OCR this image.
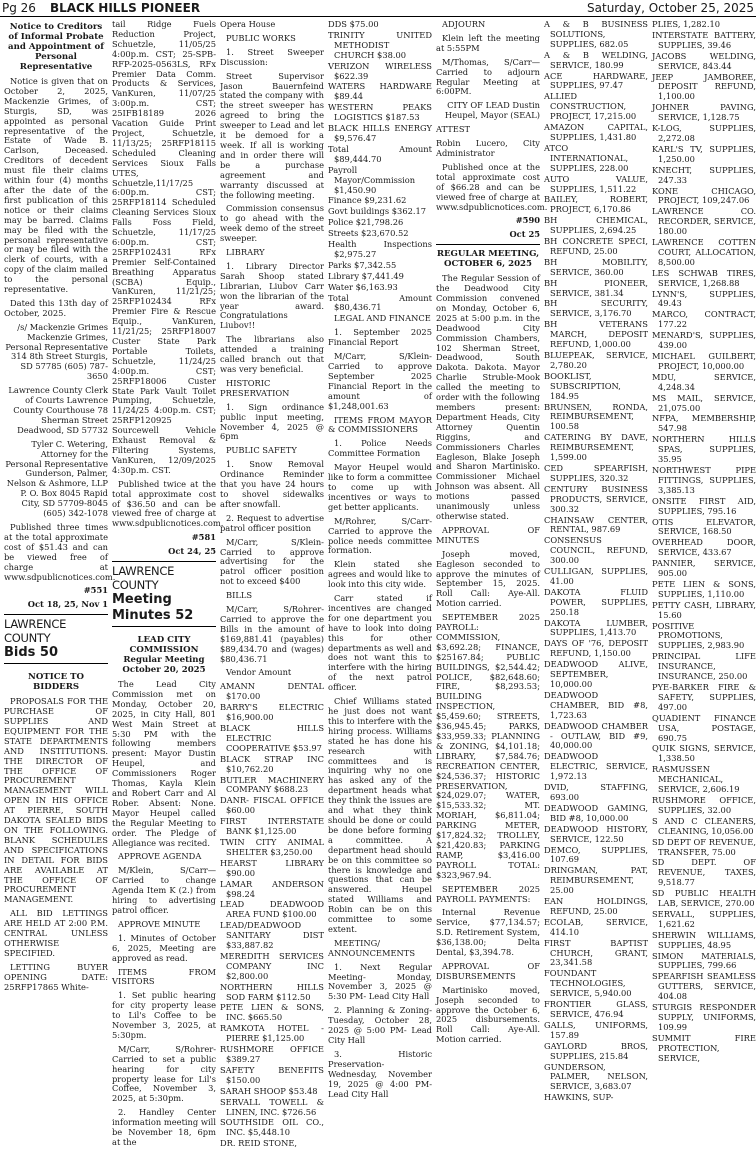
Pg 26 BLACK HILLS PIONEER	Saturday, October 25, 2025
Notice to Creditors of Informal Probate and Appointment of Personal Representative

Notice is given that on October 2, 2025, Mackenzie Grimes, of Sturgis, SD, was appointed as personal representative of the Estate of Wade B. Carlson, Deceased. Creditors of decedent must file their claims within four (4) months after the date of the first publication of this notice or their claims may be barred. Claims may be filed with the personal representative or may be filed with the clerk of courts, with a copy of the claim mailed to the personal representative.

Dated this 13th day of October, 2025.

/s/ Mackenzie Grimes Mackenzie Grimes, Personal Representative 314 8th Street Sturgis, SD 57785 (605) 787-3650

Lawrence County Clerk of Courts Lawrence County Courthouse 78 Sherman Street Deadwood, SD 57732

Tyler C. Wetering, Attorney for the Personal Representative Gunderson, Palmer, Nelson & Ashmore, LLP P. O. Box 8045 Rapid City, SD 57709-8045 (605) 342-1078

Published three times at the total approximate cost of $51.43 and can be viewed free of charge at www.sdpublicnotices.com.

#551
Oct 18, 25, Nov 1
LAWRENCE COUNTY
Bids 50
NOTICE TO BIDDERS

PROPOSALS FOR THE PURCHASE OF SUPPLIES AND EQUIPMENT FOR THE STATE DEPARTMENTS AND INSTITUTIONS. THE DIRECTOR OF THE OFFICE OF PROCUREMENT MANAGEMENT WILL OPEN IN HIS OFFICE AT PIERRE, SOUTH DAKOTA SEALED BIDS ON THE FOLLOWING. BLANK SCHEDULES AND SPECIFICATIONS IN DETAIL FOR BIDS ARE AVAILABLE AT THE OFFICE OF PROCUREMENT MANAGEMENT.

ALL BID LETTINGS ARE HELD AT 2:00 P.M. CENTRAL UNLESS OTHERWISE SPECIFIED.

LETTING BUYER OPENING DATE: 25RFP17865 White-

tail Ridge Fuels Reduction Project, Schuetzle, 11/05/25 4:00p.m. CST; 25-SPB-RFP-2025-0563LS, RFx Premier Data Comm. Products & Services, VanKuren, 11/07/25 3:00p.m. CST; 25IFB18189 2026 Vacation Guide Print Project, Schuetzle, 11/13/25; 25RFP18115 Scheduled Cleaning Services Sioux Falls UTES, Schuetzle,11/17/25 6:00p.m. CST; 25RFP18114 Scheduled Cleaning Services Sioux Falls Foss Field, Schuetzle, 11/17/25 6:00p.m. CST; 25RFP102431 RFx Premier Self-Contained Breathing Apparatus (SCBA) Equip., VanKuren, 11/21/25; 25RFP102434 RFx Premier Fire & Rescue Equip., VanKuren, 11/21/25; 25RFP18007 Custer State Park Portable Toilets, Schuetzle, 11/24/25 4:00p.m. CST; 25RFP18006 Custer State Park Vault Toilet Pumping, Schuetzle, 11/24/25 4:00p.m. CST; 25RFP120925 Sourcewell Vehicle Exhaust Removal & Filtering Systems, VanKuren, 12/09/2025 4:30p.m. CST.

Published twice at the total approximate cost of $36.50 and can be viewed free of charge at www.sdpublicnotices.com.

#581
Oct 24, 25
LAWRENCE COUNTY
Meeting Minutes 52
LEAD CITY COMMISSION Regular Meeting October 20, 2025

The Lead City Commission met on Monday, October 20, 2025, in City Hall, 801 West Main Street at 5:30 PM with the following members present: Mayor Dustin Heupel, and Commissioners Roger Thomas, Kayla Klein and Robert Carr and Al Rober. Absent: None. Mayor Heupel called the Regular Meeting to order. The Pledge of Allegiance was recited.

APPROVE AGENDA

M/Klein, S/Carr—Carried to change Agenda Item K (2.) from hiring to advertising patrol officer.

APPROVE MINUTE

1. Minutes of October 6, 2025, Meeting are approved as read.

ITEMS FROM VISITORS

1. Set public hearing for city property lease to Lil's Coffee to be November 3, 2025, at 5:30pm.

M/Carr, S/Rohrer- Carried to set a public hearing for city property lease for Lil's Coffee, November 3, 2025, at 5:30pm.

2. Handley Center information meeting will be November 18, 6pm at the

Opera House

PUBLIC WORKS

1. Street Sweeper Discussion:

Street Supervisor Jason Bauernfeind stated the company with the street sweeper has agreed to bring the sweeper to Lead and let it be demoed for a week. If all is working and in order there will be a purchase agreement and warranty discussed at the following meeting.

Commission consensus to go ahead with the week demo of the street sweeper.

LIBRARY

1. Library Director Sarah Shoop stated Librarian, Liubov Carr won the librarian of the year award. Congratulations Liubov!!

The librarians also attended a training called branch out that was very beneficial.

HISTORIC PRESERVATION

1. Sign ordinance public input meeting, November 4, 2025 @ 6pm

PUBLIC SAFETY

1. Snow Removal Ordinance Reminder that you have 24 hours to shovel sidewalks after snowfall.

2. Request to advertise patrol officer position

M/Carr, S/Klein- Carried to approve advertising for the patrol officer position not to exceed $400

BILLS

M/Carr, S/Rohrer- Carried to approve the Bills in the amount of $169,881.41 (payables) $89,434.70 and (wages) $80,436.71

Vendor Amount

AMANN DENTAL $170.00

BARRY'S ELECTRIC $16,900.00

BLACK HILLS ELECTRIC COOPERATIVE $53.97

BLACK STRAP INC $10,762.20

BUTLER MACHINERY COMPANY $688.23

DANR- FISCAL OFFICE $60.00

FIRST INTERSTATE BANK $1,125.00

TWIN CITY ANIMAL SHELTER $3,250.00

HEARST LIBRARY $90.00

LAMAR ANDERSON $98.24

LEAD DEADWOOD AREA FUND $100.00

LEAD/DEADWOOD SANITARY DIST $33,887.82

MEREDITH SERVICES COMPANY INC $2,800.00

NORTHERN HILLS SOD FARM $112.50

PETE LIEN & SONS, INC. $665.50

RAMKOTA HOTEL - PIERRE $1,125.00

RUSHMORE OFFICE $389.27

SAFETY BENEFITS $150.00

SARAH SHOOP $53.48

SERVALL TOWELL & LINEN, INC. $726.56

SOUTHSIDE OIL CO., INC. $5,448.10

DR. REID STONE,

DDS $75.00

TRINITY UNITED METHODIST CHURCH $38.00

VERIZON WIRELESS $622.39

WATERS HARDWARE $89.44

WESTERN PEAKS LOGISTICS $187.53

BLACK HILLS ENERGY $9,576.47

Total Amount $89,444.70

Payroll Mayor/Commission $1,450.90

Finance $9,231.62

Govt buildings $362.17

Police $21,798.26

Streets $23,670.52

Health Inspections $2,975.27

Parks $7,342.55

Library $7,441.49

Water $6,163.93

Total Amount $80,436.71

LEGAL AND FINANCE

1. September 2025 Financial Report

M/Carr, S/Klein- Carried to approve September 2025 Financial Report in the amount of $1,248,001.63

ITEMS FROM MAYOR & COMMISSIONERS

1. Police Needs Committee Formation

Mayor Heupel would like to form a committee to come up with incentives or ways to get better applicants.

M/Rohrer, S/Carr- Carried to approve the police needs committee formation.

Klein stated she agrees and would like to look into this city wide.

Carr stated if incentives are changed for one department you have to look into doing this for other departments as well and does not want this to interfere with the hiring of the next patrol officer.

Chief Williams stated he just does not want this to interfere with the hiring process. Williams stated he has done his research with committees and is inquiring why no one has asked any of the department heads what they think the issues are and what they think should be done or could be done before forming a committee. A department head should be on this committee so there is knowledge and questions that can be answered. Heupel stated Williams and Robin can be on this committee to some extent.

MEETING/ ANNOUNCEMENTS

1. Next Regular Meeting- Monday, November 3, 2025 @ 5:30 PM- Lead City Hall

2. Planning & Zoning-Tuesday, October 28, 2025 @ 5:00 PM- Lead City Hall

3. Historic Preservation- Wednesday, November 19, 2025 @ 4:00 PM- Lead City Hall

ADJOURN

Klein left the meeting at 5:55PM

M/Thomas, S/Carr—Carried to adjourn Regular Meeting at 6:00PM.

CITY OF LEAD Dustin Heupel, Mayor (SEAL)

ATTEST

Robin Lucero, City Administrator

Published once at the total approximate cost of $66.28 and can be viewed free of charge at www.sdpublicnotices.com.

#590
Oct 25
REGULAR MEETING, OCTOBER 6, 2025

The Regular Session of the Deadwood City Commission convened on Monday, October 6, 2025 at 5:00 p.m. in the Deadwood City Commission Chambers, 102 Sherman Street, Deadwood, South Dakota. Dakota. Mayor Charlie Struble-Mook called the meeting to order with the following members present: Department Heads, City Attorney Quentin Riggins, and Commissioners Charles Eagleson, Blake Joseph and Sharon Martinisko. Commissioner Michael Johnson was absent. All motions passed unanimously unless otherwise stated.

APPROVAL OF MINUTES

Joseph moved, Eagleson seconded to approve the minutes of September 15, 2025. Roll Call: Aye-All. Motion carried.

SEPTEMBER 2025 PAYROLL: COMMISSION, $3,692.28; FINANCE, $25167.84; PUBLIC BUILDINGS, $2,544.42; POLICE, $82,648.60; FIRE, $8,293.53; BUILDING INSPECTION, $5,459.60; STREETS, $36,945.45; PARKS, $33,959.33; PLANNING & ZONING, $4,101.18; LIBRARY, $7,584.76; RECREATION CENTER, $24,536.37; HISTORIC PRESERVATION, $24,029.07; WATER, $15,533.32; MT. MORIAH, $6,811.04; PARKING METER, $17,824.32; TROLLEY, $21,420.83; PARKING RAMP, $3,416.00 PAYROLL TOTAL: $323,967.94.

SEPTEMBER 2025 PAYROLL PAYMENTS:

Internal Revenue Service, $77,134.57; S.D. Retirement System, $36,138.00; Delta Dental, $3,394.78.

APPROVAL OF DISBURSEMENTS

Martinisko moved, Joseph seconded to approve the October 6, 2025 disbursements. Roll Call: Aye-All. Motion carried.

A & B BUSINESS SOLUTIONS, SUPPLIES, 682.05

A & B WELDING, SERVICE, 180.99

ACE HARDWARE, SUPPLIES, 97.47

ALLIED CONSTRUCTION, PROJECT, 17,215.00

AMAZON CAPITAL, SUPPLIES, 1,431.80

ATCO INTERNATIONAL, SUPPLIES, 228.00

AUTO VALUE, SUPPLIES, 1,511.22

BAILEY, ROBERT, PROJECT, 6,170.86

BH CHEMICAL, SUPPLIES, 2,694.25

BH CONCRETE SPECI, REFUND, 25.00

BH MOBILITY, SERVICE, 360.00

BH PIONEER, SERVICE, 381.34

BH SECURITY, SERVICE, 3,176.70

BH VETERANS MARCH, DEPOSIT REFUND, 1,000.00

BLUEPEAK, SERVICE, 2,780.20

BOOKLIST, SUBSCRIPTION, 184.95

BRUNSEN, RONDA, REIMBURSEMENT, 100.58

CATERING BY DAVE, REIMBURSEMENT, 1,599.00

CED SPEARFISH, SUPPLIES, 320.32

CENTURY BUSINESS PRODUCTS, SERVICE, 300.32

CHAINSAW CENTER, RENTAL, 987.69

CONSENSUS COUNCIL, REFUND, 300.00

CULLIGAN, SUPPLIES, 41.00

DAKOTA FLUID POWER, SUPPLIES, 250.18

DAKOTA LUMBER, SUPPLIES, 1,413.70

DAYS OF '76, DEPOSIT REFUND, 1,150.00

DEADWOOD ALIVE, SEPTEMBER, 10,000.00

DEADWOOD CHAMBER, BID #8, 1,723.63

DEADWOOD CHAMBER - OUTLAW, BID #9, 40,000.00

DEADWOOD ELECTRIC, SERVICE, 1,972.13

DVID, STAFFING, 693.00

DEADWOOD GAMING, BID #8, 10,000.00

DEADWOOD HISTORY, SERVICE, 122.50

DEMCO, SUPPLIES, 107.69

DRINGMAN, PAT, REIMBURSEMENT, 25.00

EAN HOLDINGS, REFUND, 25.00

ECOLAB, SERVICE, 414.10

FIRST BAPTIST CHURCH, GRANT, 23,341.58

FOUNDANT TECHNOLOGIES, SERVICE, 5,940.00

FRONTIER GLASS, SERVICE, 476.94

GALLS, UNIFORMS, 157.89

GAYLORD BROS, SUPPLIES, 215.84

GUNDERSON, PALMER, NELSON, SERVICE, 3,683.07

HAWKINS, SUP-

PLIES, 1,282.10

INTERSTATE BATTERY, SUPPLIES, 39.46

JACOBS WELDING, SERVICE, 843.44

JEEP JAMBOREE, DEPOSIT REFUND, 1,100.00

JOHNER PAVING, SERVICE, 1,128.75

K-LOG, SUPPLIES, 2,272.08

KARL'S TV, SUPPLIES, 1,250.00

KNECHT, SUPPLIES, 247.33

KONE CHICAGO, PROJECT, 109,247.06

LAWRENCE CO. RECORDER, SERVICE, 180.00

LAWRENCE COTTEN COURT, ALLOCATION, 8,500.00

LES SCHWAB TIRES, SERVICE, 1,268.88

LYNN'S, SUPPLIES, 49.43

MARCO, CONTRACT, 177.22

MENARD'S, SUPPLIES, 439.00

MICHAEL GUILBERT, PROJECT, 10,000.00

MDU, SERVICE, 4,248.34

MS MAIL, SERVICE, 21,075.00

NFPA, MEMBERSHIP, 547.98

NORTHERN HILLS SPAS, SUPPLIES, 35.95

NORTHWEST PIPE FITTINGS, SUPPLIES, 3,385.13

ONSITE FIRST AID, SUPPLIES, 795.16

OTIS ELEVATOR, SERVICE, 168.50

OVERHEAD DOOR, SERVICE, 433.67

PANNIER, SERVICE, 905.00

PETE LIEN & SONS, SUPPLIES, 1,110.00

PETTY CASH, LIBRARY, 15.60

POSITIVE PROMOTIONS, SUPPLIES, 2,983.90

PRINCIPAL LIFE INSURANCE, INSURANCE, 250.00

PYE-BARKER FIRE & SAFETY, SUPPLIES, 497.00

QUADIENT FINANCE USA, POSTAGE, 690.75

QUIK SIGNS, SERVICE, 1,338.50

RASMUSSEN MECHANICAL, SERVICE, 2,606.19

RUSHMORE OFFICE, SUPPLIES, 32.00

S AND C CLEANERS, CLEANING, 10,056.00

SD DEPT OF REVENUE, TRANSFER, 75.00

SD DEPT. OF REVENUE, TAXES, 9,518.77

SD PUBLIC HEALTH LAB, SERVICE, 270.00

SERVALL, SUPPLIES, 1,621.62

SHERWIN WILLIAMS, SUPPLIES, 48.95

SIMON MATERIALS, SUPPLIES, 799.66

SPEARFISH SEAMLESS GUTTERS, SERVICE, 404.08

STURGIS RESPONDER SUPPLY, UNIFORMS, 109.99

SUMMIT FIRE PROTECTION, SERVICE,
